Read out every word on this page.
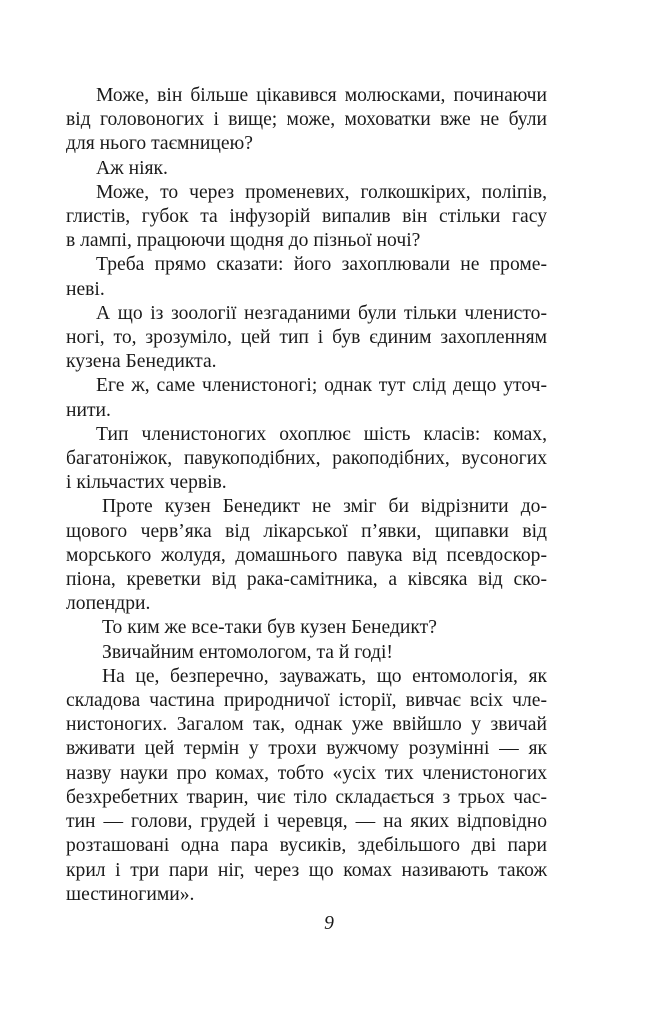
Може, він більше цікавився молюсками, починаючи
від головоногих і вище; може, моховатки вже не були
для нього таємницею?

Аж ніяк.

Може, то через променевих, голкошкірих, поліпів,
глистів, губок та інфузорій випалив він стільки гасу
в лампі, працюючи щодня до пізньої ночі?

Треба прямо сказати: його захоплювали не проме-
неві.

А що із зоології незгаданими були тільки членисто-
ногі, то, зрозуміло, цей тип і був єдиним захопленням
кузена Бенедикта.

Еге ж, саме членистоногі; однак тут слід дещо уточ-
нити.

Тип членистоногих охоплює шість класів: комах,
багатоніжок, павукоподібних, ракоподібних, вусоногих
і кільчастих червів.

Проте кузен Бенедикт не зміг би відрізнити до-
щового черв’яка від лікарської п’явки, щипавки від
морського жолудя, домашнього павука від псевдоскор-
піона, креветки від рака-самітника, а ківсяка від ско-
лопендри.

То ким же все-таки був кузен Бенедикт?

Звичайним ентомологом, та й годі!

На це, безперечно, зауважать, що ентомологія, як
складова частина природничої історії, вивчає всіх чле-
нистоногих. Загалом так, однак уже ввійшло у звичай
вживати цей термін у трохи вужчому розумінні — як
назву науки про комах, тобто «усіх тих членистоногих
безхребетних тварин, чиє тіло складається з трьох час-
тин — голови, грудей і черевця, — на яких відповідно
розташовані одна пара вусиків, здебільшого дві пари
крил і три пари ніг, через що комах називають також
шестиногими».

9
